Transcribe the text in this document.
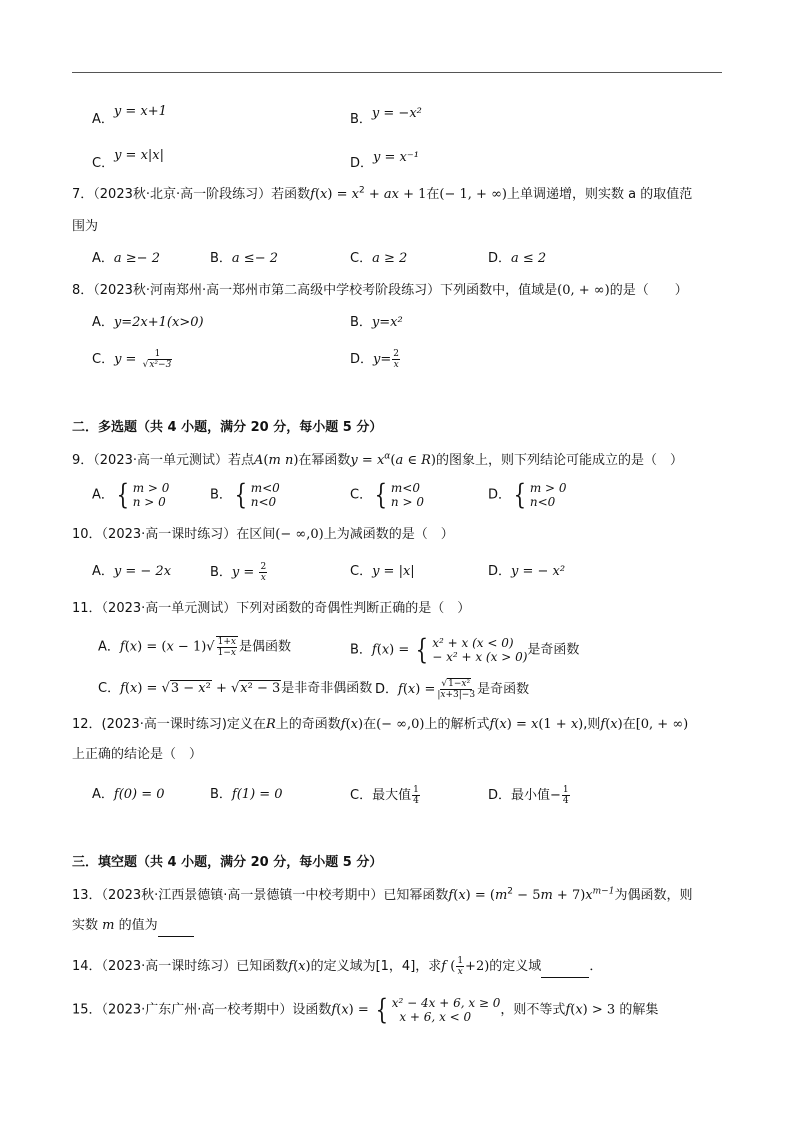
A．y = x+1
B．y = −x²
C．y = x|x|
D．y = x⁻¹
7．（2023秋·北京·高一阶段练习）若函数$f(x) = x^2$ + ax + 1在(− 1, + ∞)上单调递增，则实数 a 的取值范
围为
A．a ≥− 2	B．a ≤− 2	C．a ≥ 2	D．a ≤ 2
8．（2023秋·河南郑州·高一郑州市第二高级中学校考阶段练习）下列函数中，值域是(0, + ∞)的是（　　）
A．y=2x+1(x>0)	B．y=x²
C．$y = \frac{1}{\text{√x²−3}}$	D．$y= \frac{2}{x}$
二．多选题（共 4 小题，满分 20 分，每小题 5 分）
9．（2023·高一单元测试）若点A(m n)在幂函数$y = x^\alpha(a$ ∈ R)的图象上，则下列结论可能成立的是（　）
A． { m > 0
n > 0	B． { m<0
n<0	C． { m<0
n > 0	D． { m > 0
n<0
10．（2023·高一课时练习）在区间(− ∞,0)上为减函数的是（　）
A．y = − 2x	B．$y = \frac{2}{x}$	C．y = |x|	D．y = − x²
11．（2023·高一单元测试）下列对函数的奇偶性判断正确的是（　）
A．$f(x) = (x - 1)√ \frac{1+x}{1-x}$ 是偶函数	B．f(x) = { x² + x (x < 0)
− x² + x (x > 0) 是奇函数
C．f(x) = √3 − x² + √x² − 3是非奇非偶函数 D．$f(x) = \frac{\text{√1−x²}}{|x+3|-3}$ 是奇函数
12．(2023·高一课时练习)定义在R上的奇函数f(x)在(− ∞,0)上的解析式f(x) = x(1 + x),则f(x)在[0, + ∞)
上正确的结论是（　）
A．f(0) = 0	B．f(1) = 0	C．最大值 $\frac{1}{4}$	D．最小值− $\frac{1}{4}$
三．填空题（共 4 小题，满分 20 分，每小题 5 分）
13．（2023秋·江西景德镇·高一景德镇一中校考期中）已知幂函数$f(x) = (m^2 - 5m + 7)x^{m-1}$为偶函数，则
实数 m 的值为
14．（2023·高一课时练习）已知函数f(x)的定义域为[1，4]，求f ( $\frac{1}{x} +2$)的定义域	．
15．（2023·广东广州·高一校考期中）设函数f(x) = { x² − 4x + 6, x ≥ 0
x + 6, x < 0	，则不等式f(x) > 3 的解集
